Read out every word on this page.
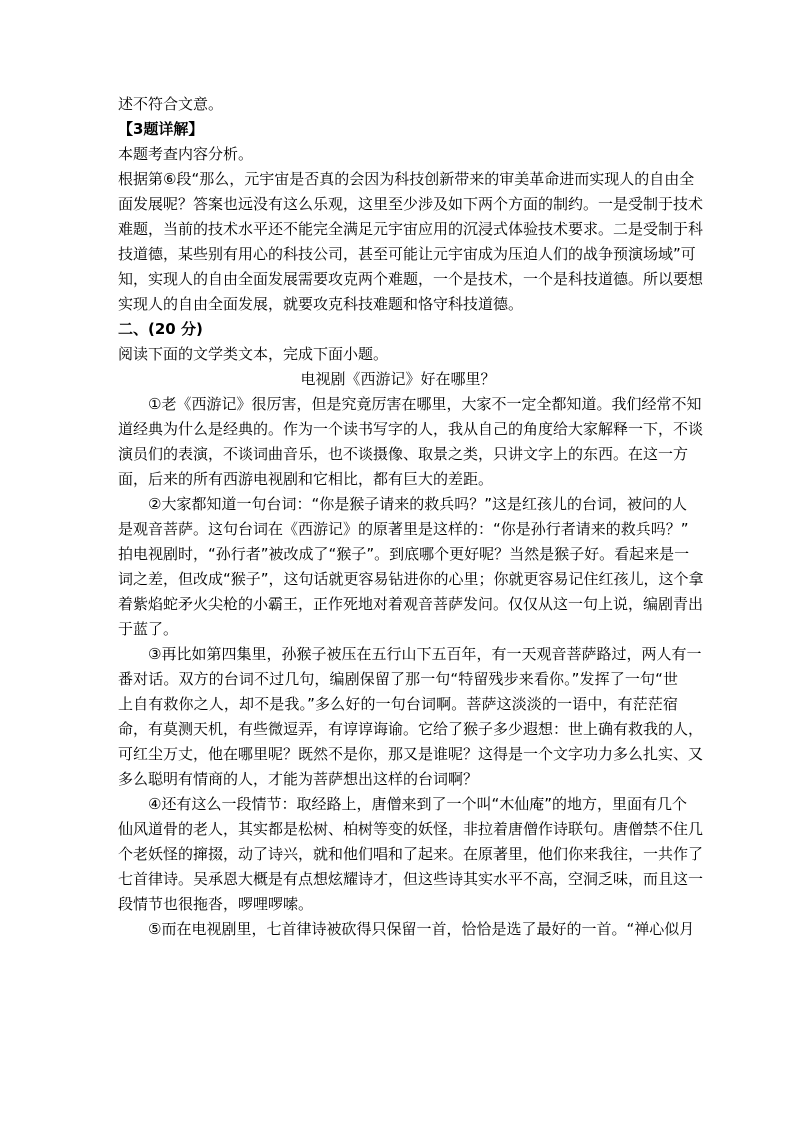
述不符合文意。
【3题详解】
本题考查内容分析。
根据第⑥段“那么，元宇宙是否真的会因为科技创新带来的审美革命进而实现人的自由全
面发展呢？答案也远没有这么乐观，这里至少涉及如下两个方面的制约。一是受制于技术
难题，当前的技术水平还不能完全满足元宇宙应用的沉浸式体验技术要求。二是受制于科
技道德，某些别有用心的科技公司，甚至可能让元宇宙成为压迫人们的战争预演场域”可
知，实现人的自由全面发展需要攻克两个难题，一个是技术，一个是科技道德。所以要想
实现人的自由全面发展，就要攻克科技难题和恪守科技道德。
二、(20 分)
阅读下面的文学类文本，完成下面小题。
电视剧《西游记》好在哪里？
①老《西游记》很厉害，但是究竟厉害在哪里，大家不一定全都知道。我们经常不知
道经典为什么是经典的。作为一个读书写字的人，我从自己的角度给大家解释一下，不谈
演员们的表演，不谈词曲音乐，也不谈摄像、取景之类，只讲文字上的东西。在这一方
面，后来的所有西游电视剧和它相比，都有巨大的差距。
②大家都知道一句台词：“你是猴子请来的救兵吗？”这是红孩儿的台词，被问的人
是观音菩萨。这句台词在《西游记》的原著里是这样的：“你是孙行者请来的救兵吗？”
拍电视剧时，“孙行者”被改成了“猴子”。到底哪个更好呢？当然是猴子好。看起来是一
词之差，但改成“猴子”，这句话就更容易钻进你的心里；你就更容易记住红孩儿，这个拿
着紫焰蛇矛火尖枪的小霸王，正作死地对着观音菩萨发问。仅仅从这一句上说，编剧青出
于蓝了。
③再比如第四集里，孙猴子被压在五行山下五百年，有一天观音菩萨路过，两人有一
番对话。双方的台词不过几句，编剧保留了那一句“特留残步来看你。”发挥了一句“世
上自有救你之人，却不是我。”多么好的一句台词啊。菩萨这淡淡的一语中，有茫茫宿
命，有莫测天机，有些微逗弄，有谆谆诲谕。它给了猴子多少遐想：世上确有救我的人，
可红尘万丈，他在哪里呢？既然不是你，那又是谁呢？这得是一个文字功力多么扎实、又
多么聪明有情商的人，才能为菩萨想出这样的台词啊？
④还有这么一段情节：取经路上，唐僧来到了一个叫“木仙庵”的地方，里面有几个
仙风道骨的老人，其实都是松树、柏树等变的妖怪，非拉着唐僧作诗联句。唐僧禁不住几
个老妖怪的撺掇，动了诗兴，就和他们唱和了起来。在原著里，他们你来我往，一共作了
七首律诗。吴承恩大概是有点想炫耀诗才，但这些诗其实水平不高，空洞乏味，而且这一
段情节也很拖沓，啰哩啰嗦。
⑤而在电视剧里，七首律诗被砍得只保留一首，恰恰是选了最好的一首。“禅心似月
